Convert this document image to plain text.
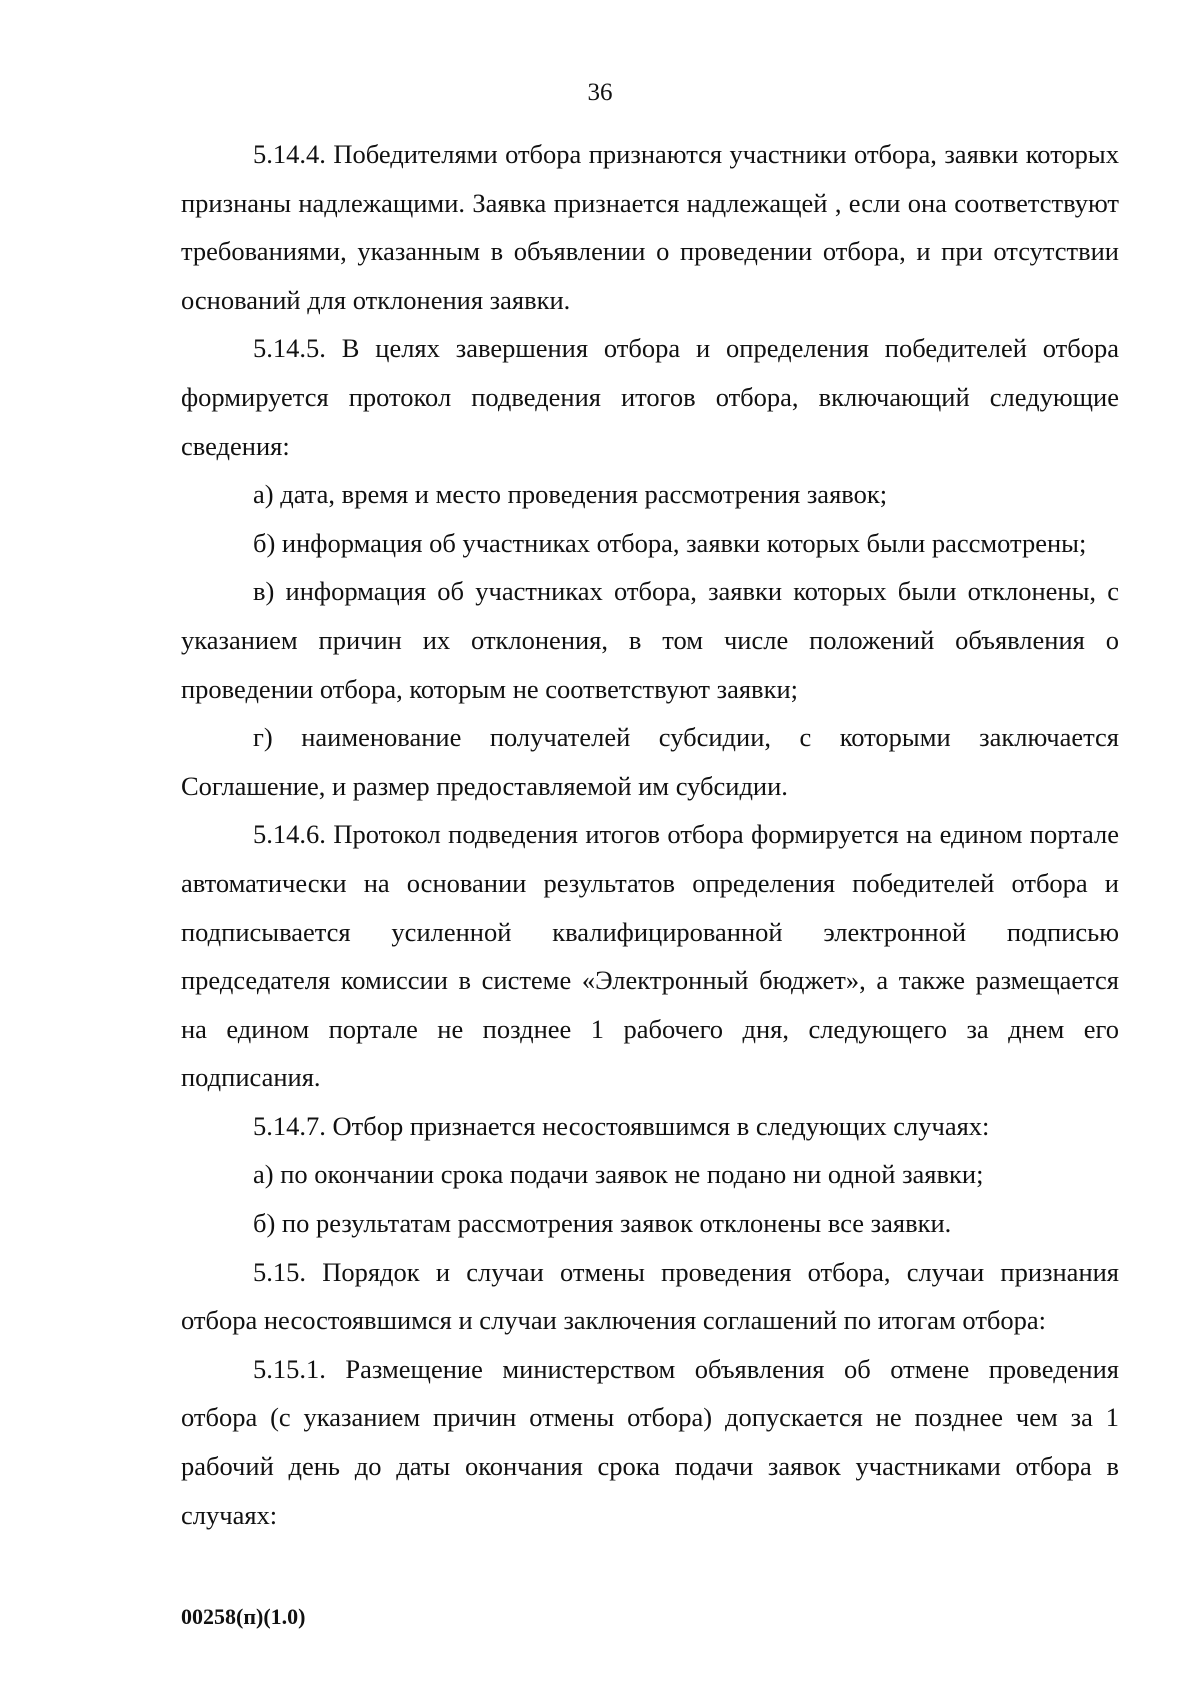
36

5.14.4. Победителями отбора признаются участники отбора, заявки которых признаны надлежащими. Заявка признается надлежащей , если она соответствуют требованиями, указанным в объявлении о проведении отбора, и при отсутствии оснований для отклонения заявки.

5.14.5. В целях завершения отбора и определения победителей отбора формируется протокол подведения итогов отбора, включающий следующие сведения:

а) дата, время и место проведения рассмотрения заявок;

б) информация об участниках отбора, заявки которых были рассмотрены;

в) информация об участниках отбора, заявки которых были отклонены, с указанием причин их отклонения, в том числе положений объявления о проведении отбора, которым не соответствуют заявки;

г) наименование получателей субсидии, с которыми заключается Соглашение, и размер предоставляемой им субсидии.

5.14.6. Протокол подведения итогов отбора формируется на едином портале автоматически на основании результатов определения победителей отбора и подписывается усиленной квалифицированной электронной подписью председателя комиссии в системе «Электронный бюджет», а также размещается на едином портале не позднее 1 рабочего дня, следующего за днем его подписания.

5.14.7. Отбор признается несостоявшимся в следующих случаях:

а) по окончании срока подачи заявок не подано ни одной заявки;

б) по результатам рассмотрения заявок отклонены все заявки.

5.15. Порядок и случаи отмены проведения отбора, случаи признания отбора несостоявшимся и случаи заключения соглашений по итогам отбора:

5.15.1. Размещение министерством объявления об отмене проведения отбора (с указанием причин отмены отбора) допускается не позднее чем за 1 рабочий день до даты окончания срока подачи заявок участниками отбора в случаях:

00258(п)(1.0)
